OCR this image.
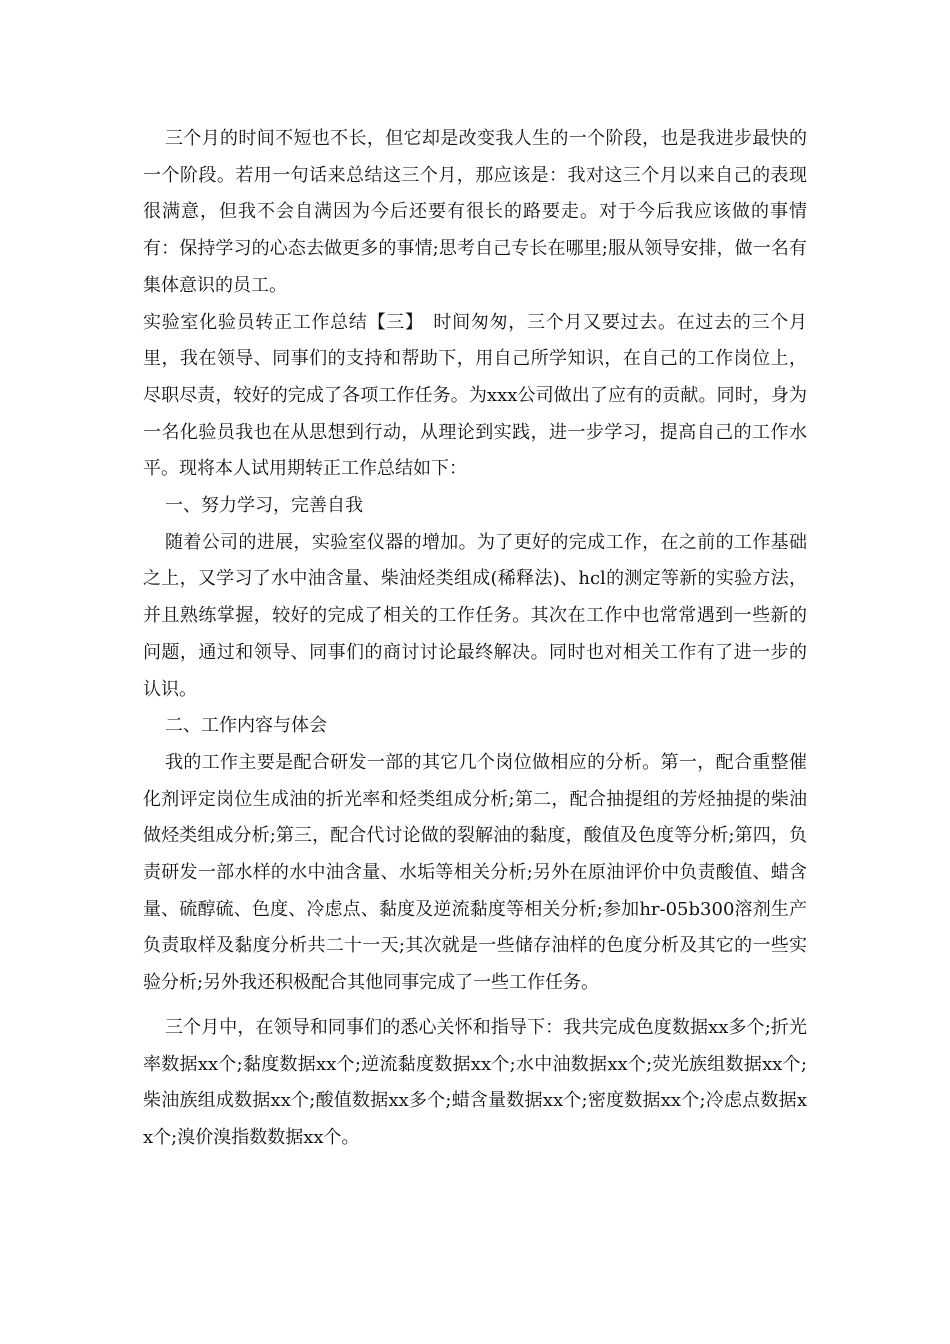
三个月的时间不短也不长，但它却是改变我人生的一个阶段，也是我进步最快的一个阶段。若用一句话来总结这三个月，那应该是：我对这三个月以来自己的表现很满意，但我不会自满因为今后还要有很长的路要走。对于今后我应该做的事情有：保持学习的心态去做更多的事情;思考自己专长在哪里;服从领导安排，做一名有集体意识的员工。

实验室化验员转正工作总结【三】　时间匆匆，三个月又要过去。在过去的三个月里，我在领导、同事们的支持和帮助下，用自己所学知识，在自己的工作岗位上，尽职尽责，较好的完成了各项工作任务。为xxx公司做出了应有的贡献。同时，身为一名化验员我也在从思想到行动，从理论到实践，进一步学习，提高自己的工作水平。现将本人试用期转正工作总结如下：

一、努力学习，完善自我

随着公司的进展，实验室仪器的增加。为了更好的完成工作，在之前的工作基础之上，又学习了水中油含量、柴油烃类组成(稀释法)、hcl的测定等新的实验方法，并且熟练掌握，较好的完成了相关的工作任务。其次在工作中也常常遇到一些新的问题，通过和领导、同事们的商讨讨论最终解决。同时也对相关工作有了进一步的认识。

二、工作内容与体会

我的工作主要是配合研发一部的其它几个岗位做相应的分析。第一，配合重整催化剂评定岗位生成油的折光率和烃类组成分析;第二，配合抽提组的芳烃抽提的柴油做烃类组成分析;第三，配合代讨论做的裂解油的黏度，酸值及色度等分析;第四，负责研发一部水样的水中油含量、水垢等相关分析;另外在原油评价中负责酸值、蜡含量、硫醇硫、色度、冷虑点、黏度及逆流黏度等相关分析;参加hr-05b300溶剂生产负责取样及黏度分析共二十一天;其次就是一些储存油样的色度分析及其它的一些实验分析;另外我还积极配合其他同事完成了一些工作任务。

三个月中，在领导和同事们的悉心关怀和指导下：我共完成色度数据xx多个;折光率数据xx个;黏度数据xx个;逆流黏度数据xx个;水中油数据xx个;荧光族组数据xx个;柴油族组成数据xx个;酸值数据xx多个;蜡含量数据xx个;密度数据xx个;冷虑点数据xx个;溴价溴指数数据xx个。
